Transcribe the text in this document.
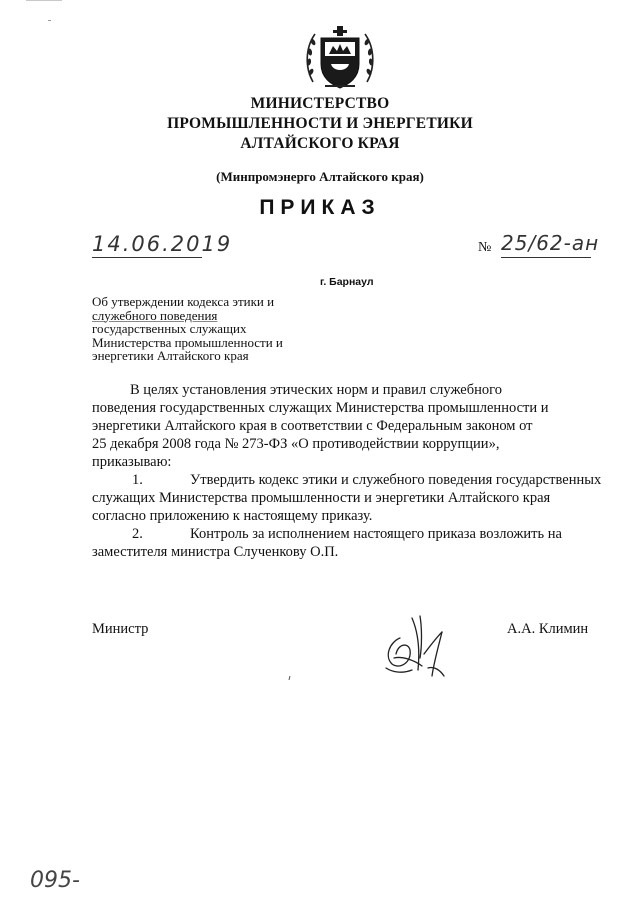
МИНИСТЕРСТВО
ПРОМЫШЛЕННОСТИ И ЭНЕРГЕТИКИ
АЛТАЙСКОГО КРАЯ
(Минпромэнерго Алтайского края)
ПРИКАЗ
14.06.2019	№ 25/62-ан
г. Барнаул
Об утверждении кодекса этики и
служебного поведения
государственных служащих
Министерства промышленности и
энергетики Алтайского края
В целях установления этических норм и правил служебного
поведения государственных служащих Министерства промышленности и
энергетики Алтайского края в соответствии с Федеральным законом от
25 декабря 2008 года № 273-ФЗ «О противодействии коррупции»,
приказываю:
1.	Утвердить кодекс этики и служебного поведения государственных
служащих Министерства промышленности и энергетики Алтайского края
согласно приложению к настоящему приказу.
2.	Контроль за исполнением настоящего приказа возложить на
заместителя министра Слученкову О.П.
Министр	А.А. Климин
095-
